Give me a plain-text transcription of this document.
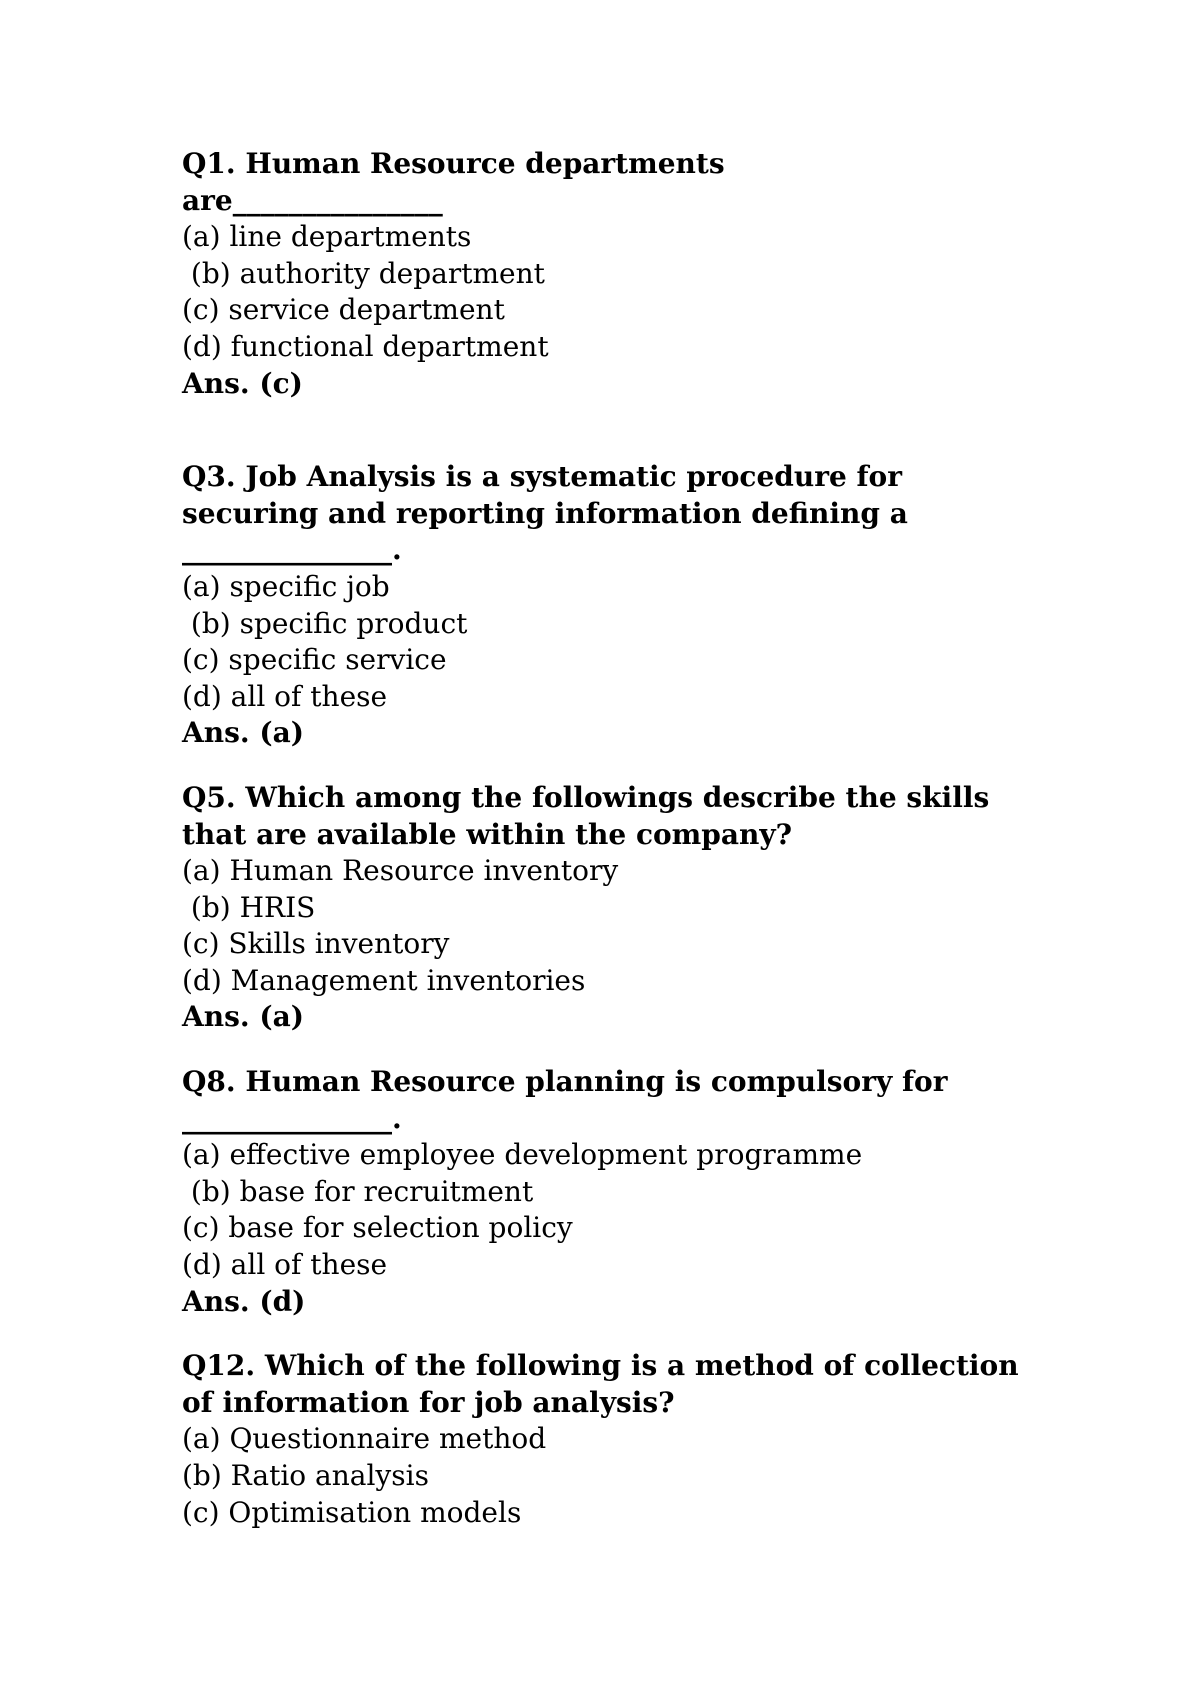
Q1. Human Resource departments
are_______________
(a) line departments
(b) authority department
(c) service department
(d) functional department
Ans. (c)
Q3. Job Analysis is a systematic procedure for
securing and reporting information defining a
_______________.
(a) specific job
(b) specific product
(c) specific service
(d) all of these
Ans. (a)
Q5. Which among the followings describe the skills
that are available within the company?
(a) Human Resource inventory
(b) HRIS
(c) Skills inventory
(d) Management inventories
Ans. (a)
Q8. Human Resource planning is compulsory for
_______________.
(a) effective employee development programme
(b) base for recruitment
(c) base for selection policy
(d) all of these
Ans. (d)
Q12. Which of the following is a method of collection
of information for job analysis?
(a) Questionnaire method
(b) Ratio analysis
(c) Optimisation models
